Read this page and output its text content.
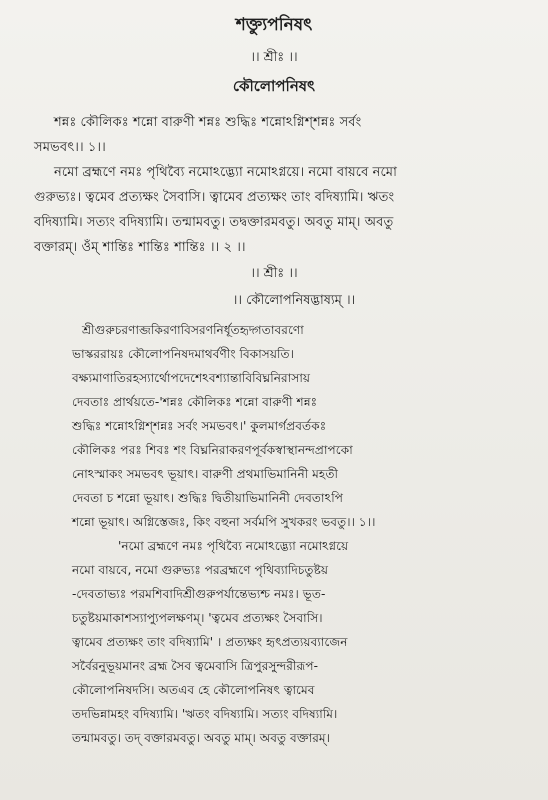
শক্ত্যুপনিষৎ
।। শ্রীঃ ।।
কৌলোপনিষৎ
শন্নঃ কৌলিকঃ শন্নো বারুণী শন্নঃ শুদ্ধিঃ শন্নোঽগ্নিশ্শন্নঃ সর্বং
সমভবৎ।। ১।।
নমো ব্রহ্মণে নমঃ পৃথিব্যৈ নমোঽদ্ভ্যো নমোঽগ্নয়ে। নমো বায়বে নমো
গুরুভ্যঃ। ত্বমেব প্রত্যক্ষং সৈবাসি। ত্বামেব প্রত্যক্ষং তাং বদিষ্যামি। ঋতং
বদিষ্যামি। সত্যং বদিষ্যামি। তন্মামবতু। তদ্বক্তারমবতু। অবতু মাম্। অবতু
বক্তারম্। ওঁম্ শান্তিঃ শান্তিঃ শান্তিঃ ।। ২ ।।
।। শ্রীঃ ।।
।। কৌলোপনিষদ্ভাষ্যম্ ।।
শ্রীগুরুচরণাব্জকিরণাবিসরণনির্ধূতহৃদ্গতাবরণো
ভাস্কররায়ঃ কৌলোপনিষদমাথর্বণীং বিকাসয়তি।
বক্ষ্যমাণাতিরহস্যার্থোপদেশেঽবশ্যান্তাবিবিঘ্ননিরাসায়
দেবতাঃ প্রার্থয়তে-'শন্নঃ কৌলিকঃ শন্নো বারুণী শন্নঃ
শুদ্ধিঃ শন্নোঽগ্নিশ্শন্নঃ সর্বং সমভবৎ।' কুলমার্গপ্রবর্তকঃ
কৌলিকঃ পরঃ শিবঃ শং বিঘ্ননিরাকরণপূর্বকস্বাস্থানন্দপ্রাপকো
নোঽস্মাকং সমভবৎ ভূয়াৎ। বারুণী প্রথমাভিমানিনী মহতী
দেবতা চ শন্নো ভূয়াৎ। শুদ্ধিঃ দ্বিতীয়াভিমানিনী দেবতাঽপি
শন্নো ভূয়াৎ। অগ্নিস্তেজঃ, কিং বহুনা সর্বমপি সুখকরং ভবতু।। ১।।
'নমো ব্রহ্মণে নমঃ পৃথিব্যৈ নমোঽদ্ভ্যো নমোঽগ্নয়ে
নমো বায়বে, নমো গুরুভ্যঃ পরব্রহ্মণে পৃথিব্যাদিচতুষ্টয়
-দেবতাভ্যঃ পরমশিবাদিশ্রীগুরুপর্যান্তেভ্যশ্চ নমঃ। ভূত-
চতুষ্টয়মাকাশস্যাপ্যুপলক্ষণম্। 'ত্বমেব প্রত্যক্ষং সৈবাসি।
ত্বামেব প্রত্যক্ষং তাং বদিষ্যামি' । প্রত্যক্ষং হৃৎপ্রত্যয়ব্যাজেন
সর্বৈরনুভূয়মানং ব্রহ্ম সৈব ত্বমেবাসি ত্রিপুরসুন্দরীরূপ-
কৌলোপনিষদসি। অতএব হে কৌলোপনিষৎ ত্বামেব
তদভিন্নামহং বদিষ্যামি। 'ঋতং বদিষ্যামি। সত্যং বদিষ্যামি।
তন্মামবতু। তদ্ বক্তারমবতু। অবতু মাম্। অবতু বক্তারম্।
